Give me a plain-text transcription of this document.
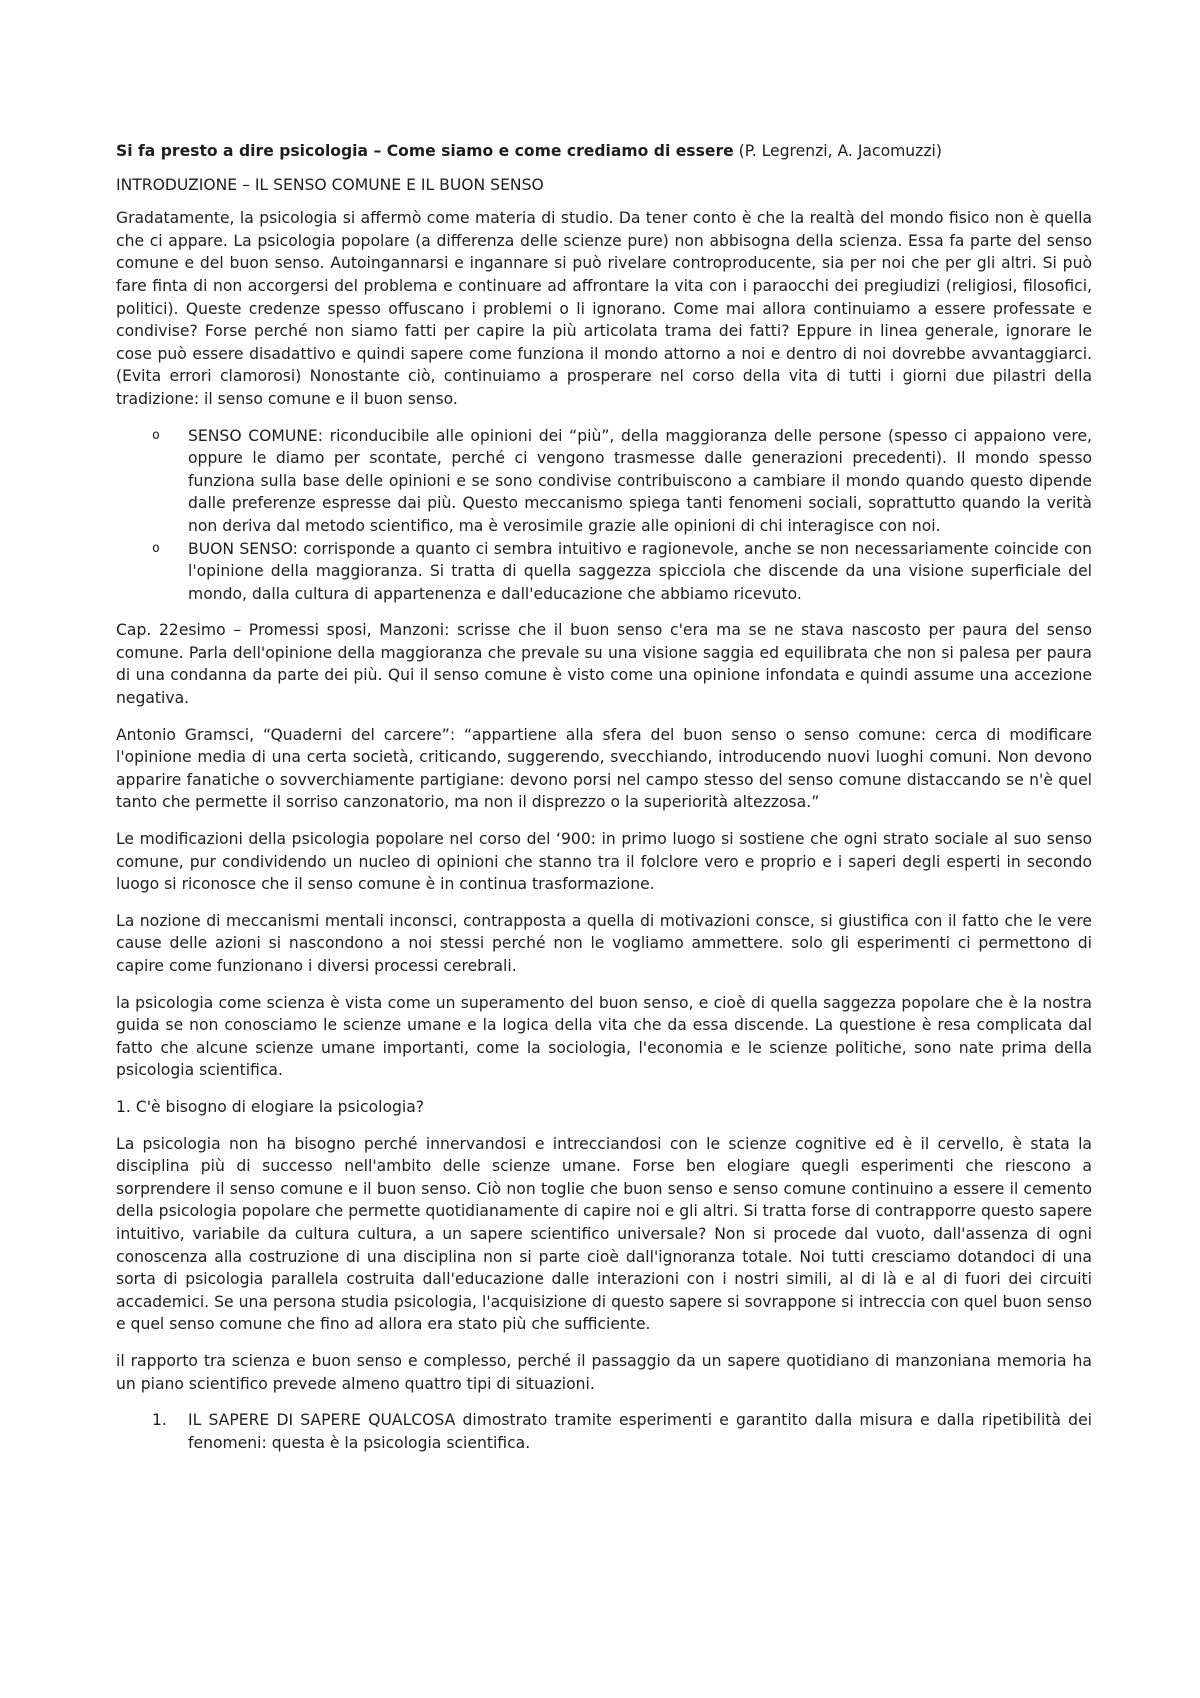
Si fa presto a dire psicologia – Come siamo e come crediamo di essere (P. Legrenzi, A. Jacomuzzi)

INTRODUZIONE – IL SENSO COMUNE E IL BUON SENSO

Gradatamente, la psicologia si affermò come materia di studio. Da tener conto è che la realtà del mondo fisico non è quella che ci appare. La psicologia popolare (a differenza delle scienze pure) non abbisogna della scienza. Essa fa parte del senso comune e del buon senso. Autoingannarsi e ingannare si può rivelare controproducente, sia per noi che per gli altri. Si può fare finta di non accorgersi del problema e continuare ad affrontare la vita con i paraocchi dei pregiudizi (religiosi, filosofici, politici). Queste credenze spesso offuscano i problemi o li ignorano. Come mai allora continuiamo a essere professate e condivise? Forse perché non siamo fatti per capire la più articolata trama dei fatti? Eppure in linea generale, ignorare le cose può essere disadattivo e quindi sapere come funziona il mondo attorno a noi e dentro di noi dovrebbe avvantaggiarci. (Evita errori clamorosi) Nonostante ciò, continuiamo a prosperare nel corso della vita di tutti i giorni due pilastri della tradizione: il senso comune e il buon senso.

o SENSO COMUNE: riconducibile alle opinioni dei “più”, della maggioranza delle persone (spesso ci appaiono vere, oppure le diamo per scontate, perché ci vengono trasmesse dalle generazioni precedenti). Il mondo spesso funziona sulla base delle opinioni e se sono condivise contribuiscono a cambiare il mondo quando questo dipende dalle preferenze espresse dai più. Questo meccanismo spiega tanti fenomeni sociali, soprattutto quando la verità non deriva dal metodo scientifico, ma è verosimile grazie alle opinioni di chi interagisce con noi.
o BUON SENSO: corrisponde a quanto ci sembra intuitivo e ragionevole, anche se non necessariamente coincide con l'opinione della maggioranza. Si tratta di quella saggezza spicciola che discende da una visione superficiale del mondo, dalla cultura di appartenenza e dall'educazione che abbiamo ricevuto.

Cap. 22esimo – Promessi sposi, Manzoni: scrisse che il buon senso c'era ma se ne stava nascosto per paura del senso comune. Parla dell'opinione della maggioranza che prevale su una visione saggia ed equilibrata che non si palesa per paura di una condanna da parte dei più. Qui il senso comune è visto come una opinione infondata e quindi assume una accezione negativa.

Antonio Gramsci, “Quaderni del carcere”: “appartiene alla sfera del buon senso o senso comune: cerca di modificare l'opinione media di una certa società, criticando, suggerendo, svecchiando, introducendo nuovi luoghi comuni. Non devono apparire fanatiche o sovverchiamente partigiane: devono porsi nel campo stesso del senso comune distaccando se n'è quel tanto che permette il sorriso canzonatorio, ma non il disprezzo o la superiorità altezzosa.”

Le modificazioni della psicologia popolare nel corso del ‘900: in primo luogo si sostiene che ogni strato sociale al suo senso comune, pur condividendo un nucleo di opinioni che stanno tra il folclore vero e proprio e i saperi degli esperti in secondo luogo si riconosce che il senso comune è in continua trasformazione.

La nozione di meccanismi mentali inconsci, contrapposta a quella di motivazioni consce, si giustifica con il fatto che le vere cause delle azioni si nascondono a noi stessi perché non le vogliamo ammettere. solo gli esperimenti ci permettono di capire come funzionano i diversi processi cerebrali.

la psicologia come scienza è vista come un superamento del buon senso, e cioè di quella saggezza popolare che è la nostra guida se non conosciamo le scienze umane e la logica della vita che da essa discende. La questione è resa complicata dal fatto che alcune scienze umane importanti, come la sociologia, l'economia e le scienze politiche, sono nate prima della psicologia scientifica.

1. C'è bisogno di elogiare la psicologia?

La psicologia non ha bisogno perché innervandosi e intrecciandosi con le scienze cognitive ed è il cervello, è stata la disciplina più di successo nell'ambito delle scienze umane. Forse ben elogiare quegli esperimenti che riescono a sorprendere il senso comune e il buon senso. Ciò non toglie che buon senso e senso comune continuino a essere il cemento della psicologia popolare che permette quotidianamente di capire noi e gli altri. Si tratta forse di contrapporre questo sapere intuitivo, variabile da cultura cultura, a un sapere scientifico universale? Non si procede dal vuoto, dall'assenza di ogni conoscenza alla costruzione di una disciplina non si parte cioè dall'ignoranza totale. Noi tutti cresciamo dotandoci di una sorta di psicologia parallela costruita dall'educazione dalle interazioni con i nostri simili, al di là e al di fuori dei circuiti accademici. Se una persona studia psicologia, l'acquisizione di questo sapere si sovrappone si intreccia con quel buon senso e quel senso comune che fino ad allora era stato più che sufficiente.

il rapporto tra scienza e buon senso e complesso, perché il passaggio da un sapere quotidiano di manzoniana memoria ha un piano scientifico prevede almeno quattro tipi di situazioni.

1. IL SAPERE DI SAPERE QUALCOSA dimostrato tramite esperimenti e garantito dalla misura e dalla ripetibilità dei fenomeni: questa è la psicologia scientifica.
